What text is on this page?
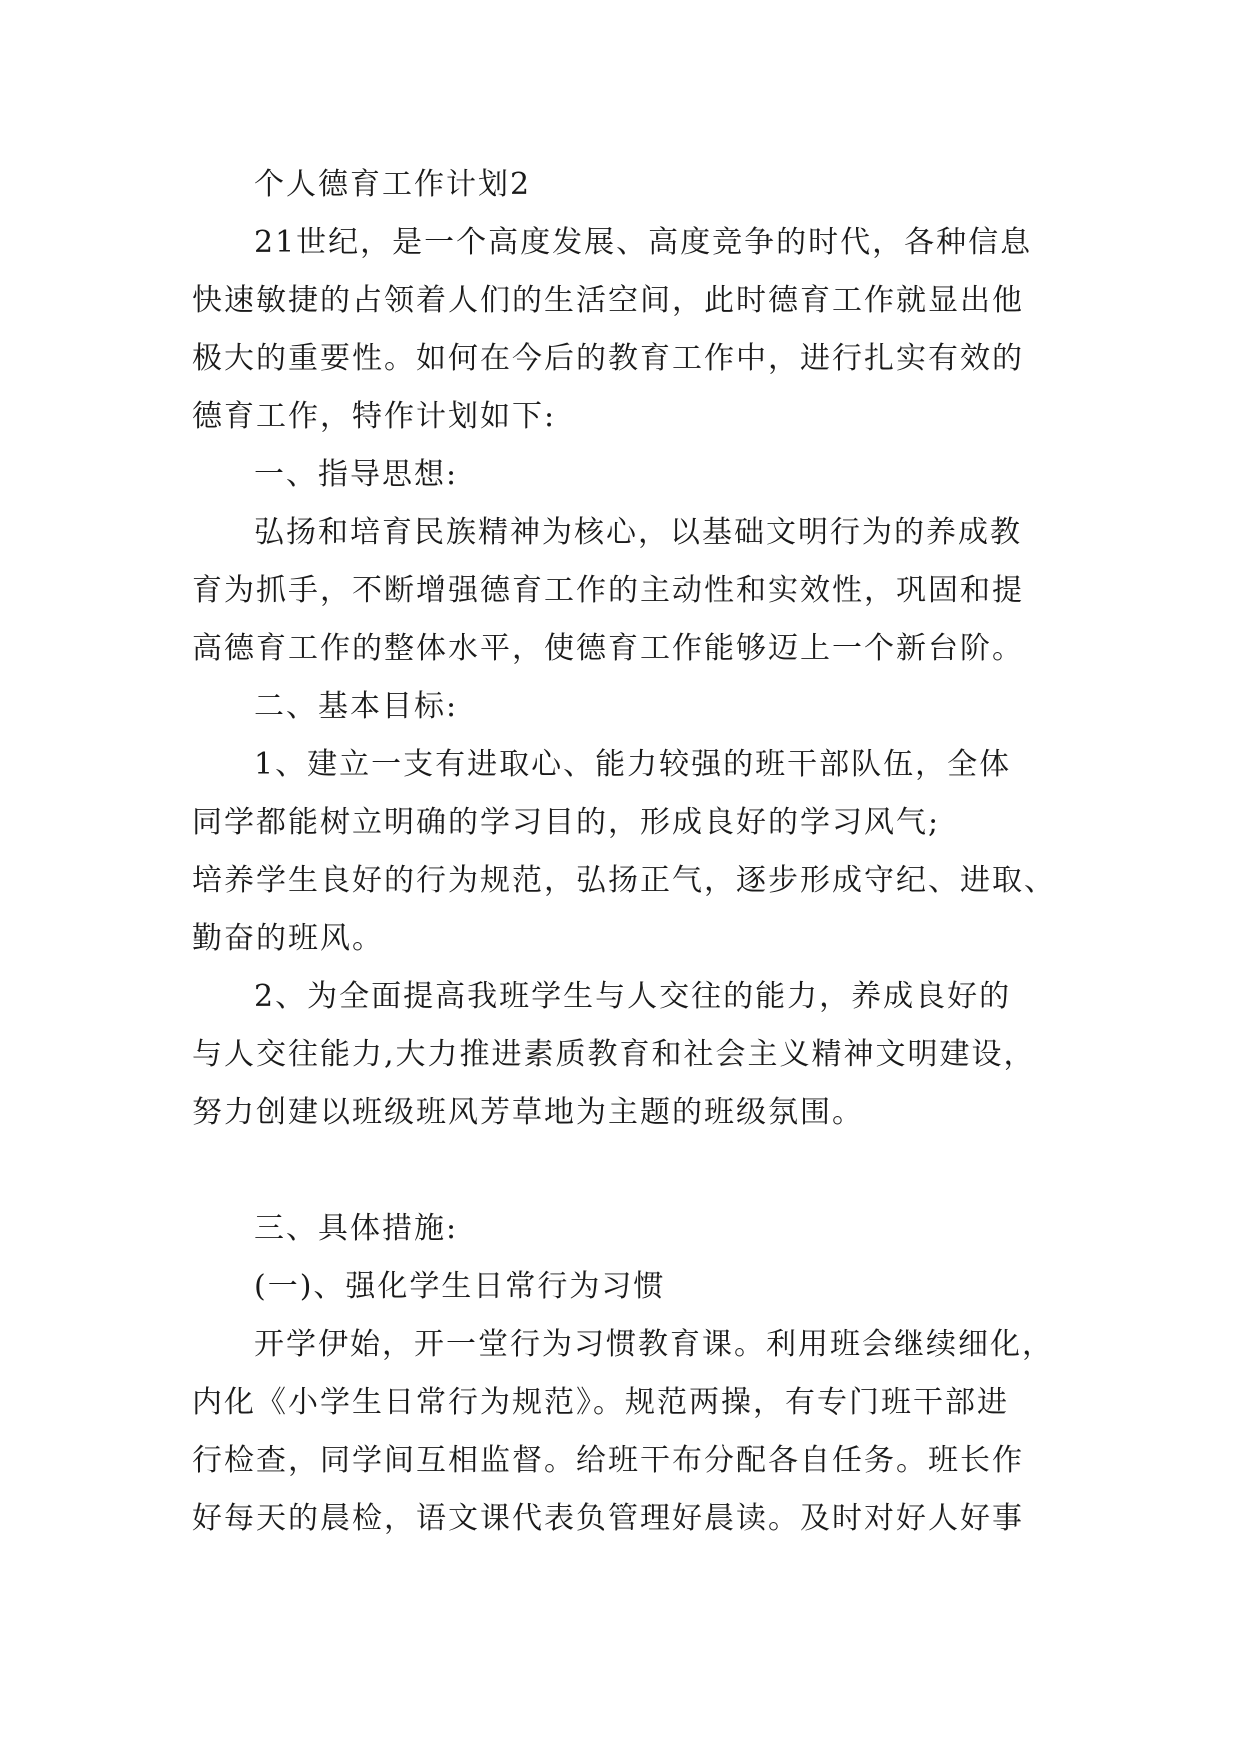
个人德育工作计划2
21世纪，是一个高度发展、高度竞争的时代，各种信息
快速敏捷的占领着人们的生活空间，此时德育工作就显出他
极大的重要性。如何在今后的教育工作中，进行扎实有效的
德育工作，特作计划如下:
一、指导思想:
弘扬和培育民族精神为核心，以基础文明行为的养成教
育为抓手，不断增强德育工作的主动性和实效性，巩固和提
高德育工作的整体水平，使德育工作能够迈上一个新台阶。
二、基本目标:
1、建立一支有进取心、能力较强的班干部队伍，全体
同学都能树立明确的学习目的，形成良好的学习风气;
培养学生良好的行为规范，弘扬正气，逐步形成守纪、进取、
勤奋的班风。
2、为全面提高我班学生与人交往的能力，养成良好的
与人交往能力,大力推进素质教育和社会主义精神文明建设，
努力创建以班级班风芳草地为主题的班级氛围。
三、具体措施:
(一)、强化学生日常行为习惯
开学伊始，开一堂行为习惯教育课。利用班会继续细化，
内化《小学生日常行为规范》。规范两操，有专门班干部进
行检查，同学间互相监督。给班干布分配各自任务。班长作
好每天的晨检，语文课代表负管理好晨读。及时对好人好事
